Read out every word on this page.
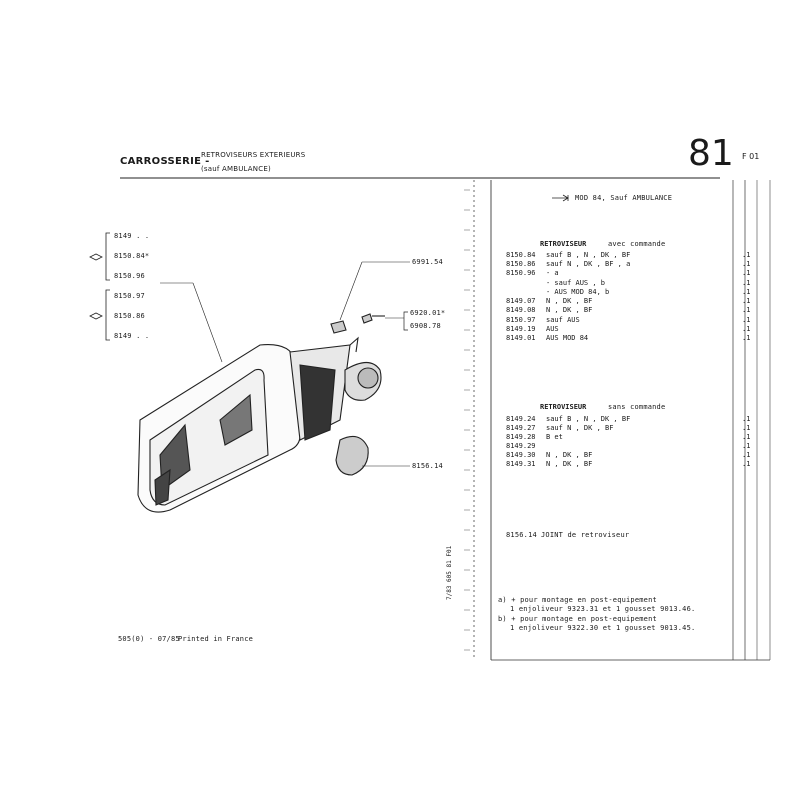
CARROSSERIE -
RETROVISEURS EXTERIEURS
(sauf AMBULANCE)	81 F 01
8149 . .
8150.84*
8150.96
8150.97
8150.86
8149 . .
6991.54
6920.01*
6908.78
8156.14
7/83 605 81 F01
MOD 84, Sauf AMBULANCE
RETROVISEUR	avec commande
8150.84 sauf B , N , DK , BF	.1
8150.86 sauf N , DK , BF , a	.1
8150.96 - a	.1
- sauf AUS , b	.1
- AUS MOD 84, b	.1
8149.07 N , DK , BF	.1
8149.08 N , DK , BF	.1
8150.97 sauf AUS	.1
8149.19 AUS	.1
8149.01 AUS MOD 84	.1
RETROVISEUR	sans commande
8149.24 sauf B , N , DK , BF	.1
8149.27 sauf N , DK , BF	.1
8149.28 B et	.1
8149.29	.1
8149.30 N , DK , BF	.1
8149.31 N , DK , BF	.1
8156.14 JOINT de retroviseur
a) + pour montage en post-equipement
1 enjoliveur 9323.31 et 1 gousset 9013.46.
b) + pour montage en post-equipement
1 enjoliveur 9322.30 et 1 gousset 9013.45.
505(0) - 07/85
Printed in France
